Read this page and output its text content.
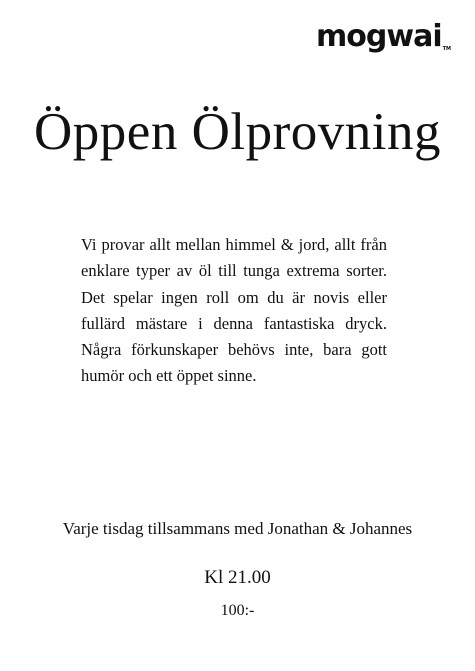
mogwaiTM
Öppen Ölprovning
Vi provar allt mellan himmel & jord, allt från enklare typer av öl till tunga extrema sorter. Det spelar ingen roll om du är novis eller fullärd mästare i denna fantastiska dryck. Några förkunskaper behövs inte, bara gott humör och ett öppet sinne.
Varje tisdag tillsammans med Jonathan & Johannes
Kl 21.00
100:-
